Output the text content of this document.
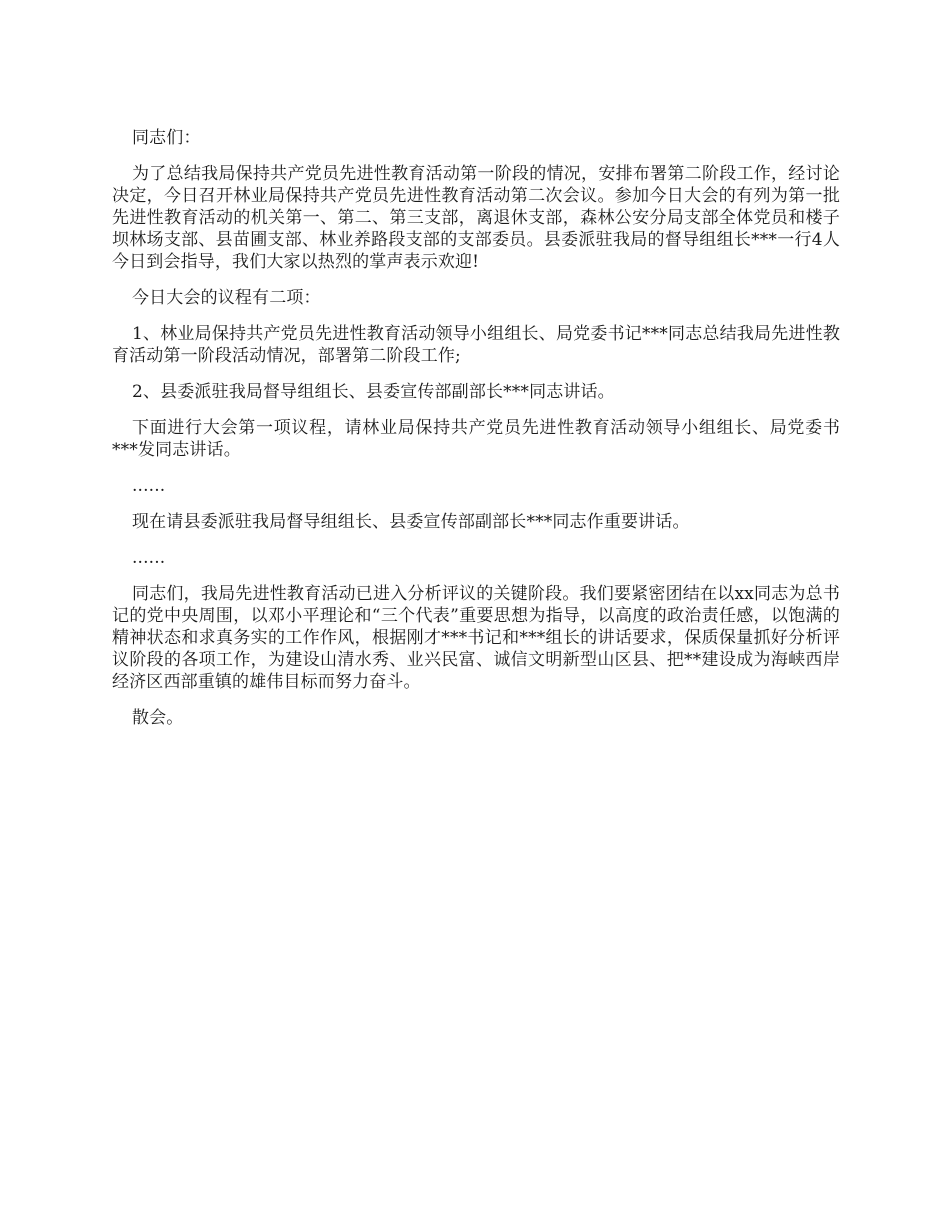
同志们：

为了总结我局保持共产党员先进性教育活动第一阶段的情况，安排布署第二阶段工作，经讨论决定，今日召开林业局保持共产党员先进性教育活动第二次会议。参加今日大会的有列为第一批先进性教育活动的机关第一、第二、第三支部，离退休支部，森林公安分局支部全体党员和楼子坝林场支部、县苗圃支部、林业养路段支部的支部委员。县委派驻我局的督导组组长***一行4人今日到会指导，我们大家以热烈的掌声表示欢迎!

今日大会的议程有二项：

1、林业局保持共产党员先进性教育活动领导小组组长、局党委书记***同志总结我局先进性教育活动第一阶段活动情况，部署第二阶段工作;

2、县委派驻我局督导组组长、县委宣传部副部长***同志讲话。

下面进行大会第一项议程，请林业局保持共产党员先进性教育活动领导小组组长、局党委书***发同志讲话。

......

现在请县委派驻我局督导组组长、县委宣传部副部长***同志作重要讲话。

......

同志们，我局先进性教育活动已进入分析评议的关键阶段。我们要紧密团结在以xx同志为总书记的党中央周围，以邓小平理论和“三个代表”重要思想为指导，以高度的政治责任感，以饱满的精神状态和求真务实的工作作风，根据刚才***书记和***组长的讲话要求，保质保量抓好分析评议阶段的各项工作，为建设山清水秀、业兴民富、诚信文明新型山区县、把**建设成为海峡西岸经济区西部重镇的雄伟目标而努力奋斗。

散会。
